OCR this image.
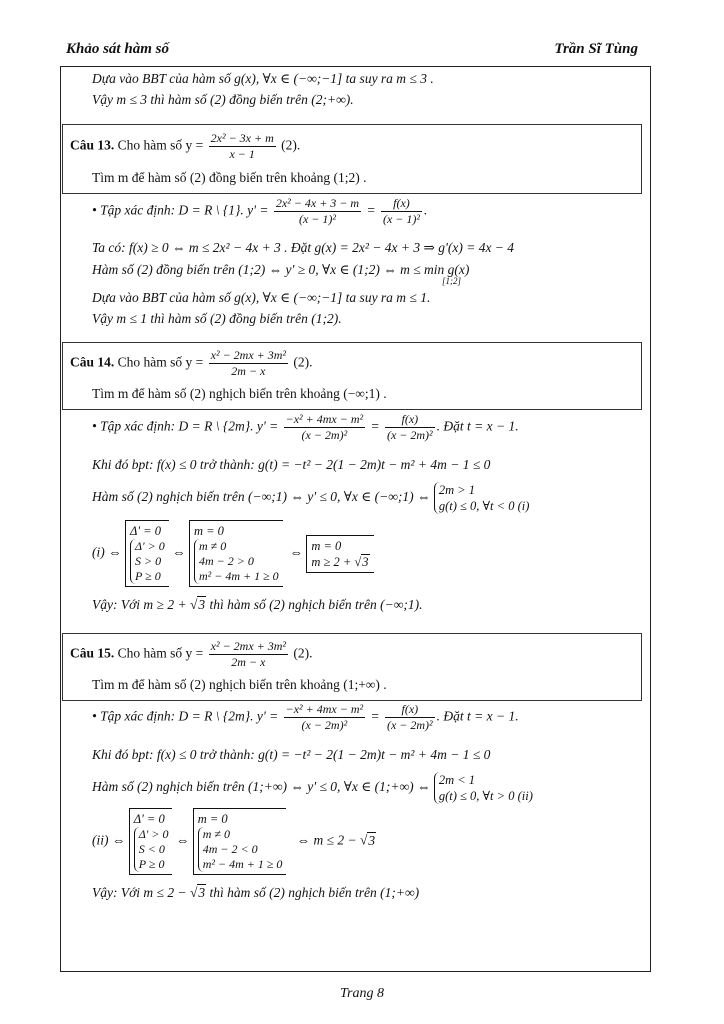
Khảo sát hàm số	Trần Sĩ Tùng
Dựa vào BBT của hàm số g(x), ∀x ∈ (−∞;−1] ta suy ra m ≤ 3 .
Vậy m ≤ 3 thì hàm số (2) đồng biến trên (2;+∞).
Câu 13. Cho hàm số $y = \frac{\text{2x² − 3x + m}}{x - 1} (2)$.
Tìm m để hàm số (2) đồng biến trên khoảng (1;2) .
• Tập xác định: D = R \ {1}. $y' = \frac{\text{2x² − 4x + 3 − m}}{\text{(x − 1)²}} = \frac{f(x)}{\text{(x − 1)²}}$ .
Ta có: f(x) ≥ 0 ⇔ m ≤ 2x² − 4x + 3 . Đặt g(x) = 2x² − 4x + 3 ⇒ g'(x) = 4x − 4
Hàm số (2) đồng biến trên (1;2) ⇔ y' ≥ 0, ∀x ∈ (1;2) ⇔ m ≤ min g(x)
[1;2]
Dựa vào BBT của hàm số g(x), ∀x ∈ (−∞;−1] ta suy ra m ≤ 1.
Vậy m ≤ 1 thì hàm số (2) đồng biến trên (1;2).
Câu 14. Cho hàm số $y = \frac{\text{x² − 2mx + 3m²}}{2m - x} (2)$.
Tìm m để hàm số (2) nghịch biến trên khoảng (−∞;1) .
• Tập xác định: D = R \ {2m}. $y' = \frac{\text{−x² + 4mx − m²}}{\text{(x − 2m)²}} = \frac{f(x)}{\text{(x − 2m)²}}$ . Đặt t = x − 1.
Khi đó bpt: f(x) ≤ 0 trở thành: g(t) = −t² − 2(1 − 2m)t − m² + 4m − 1 ≤ 0
Hàm số (2) nghịch biến trên (−∞;1) ⇔ y' ≤ 0, ∀x ∈ (−∞;1) ⇔ 2m > 1
g(t) ≤ 0, ∀t < 0 (i)
(i) ⇔ Δ' = 0
Δ' > 0
S > 0
P ≥ 0 ⇔ m = 0
m ≠ 0
4m − 2 > 0
m² − 4m + 1 ≥ 0  ⇔ m = 0
m ≥ 2 + √3
Vậy: Với m ≥ 2 + √3 thì hàm số (2) nghịch biến trên (−∞;1).
Câu 15. Cho hàm số $y = \frac{\text{x² − 2mx + 3m²}}{2m - x} (2)$.
Tìm m để hàm số (2) nghịch biến trên khoảng (1;+∞) .
• Tập xác định: D = R \ {2m}. $y' = \frac{\text{−x² + 4mx − m²}}{\text{(x − 2m)²}} = \frac{f(x)}{\text{(x − 2m)²}}$ . Đặt t = x − 1.
Khi đó bpt: f(x) ≤ 0 trở thành: g(t) = −t² − 2(1 − 2m)t − m² + 4m − 1 ≤ 0
Hàm số (2) nghịch biến trên (1;+∞) ⇔ y' ≤ 0, ∀x ∈ (1;+∞) ⇔ 2m < 1
g(t) ≤ 0, ∀t > 0 (ii)
(ii) ⇔ Δ' = 0
Δ' > 0
S < 0
P ≥ 0 ⇔ m = 0
m ≠ 0
4m − 2 < 0
m² − 4m + 1 ≥ 0   ⇔ m ≤ 2 − √3
Vậy: Với m ≤ 2 − √3 thì hàm số (2) nghịch biến trên (1;+∞)
Trang 8
